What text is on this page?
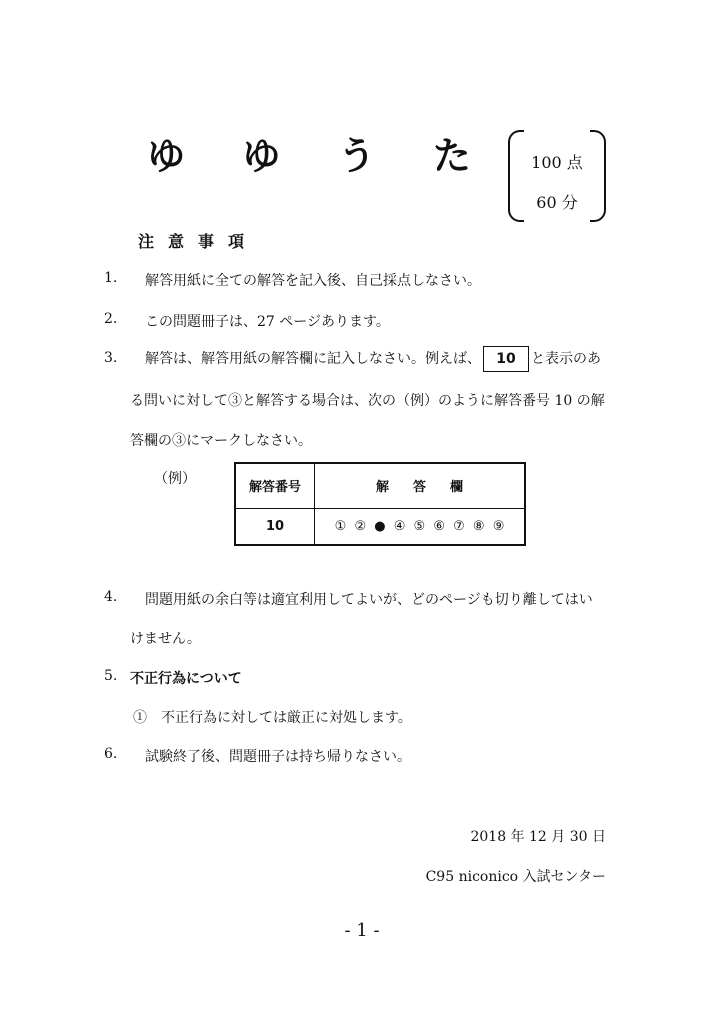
ゆ ゆ う た	100 点
60 分
注意事項
1. 解答用紙に全ての解答を記入後、自己採点しなさい。
2. この問題冊子は、27 ページあります。
3. 解答は、解答用紙の解答欄に記入しなさい。例えば、 10 と表示のあ
る問いに対して③と解答する場合は、次の（例）のように解答番号 10 の解
答欄の③にマークしなさい。
（例）
解答番号	解答欄
10	① ② ● ④ ⑤ ⑥ ⑦ ⑧ ⑨
4. 問題用紙の余白等は適宜利用してよいが、どのページも切り離してはい
けません。
5. 不正行為について
①　不正行為に対しては厳正に対処します。
6. 試験終了後、問題冊子は持ち帰りなさい。
2018 年 12 月 30 日
C95 niconico 入試センター
- 1 -
